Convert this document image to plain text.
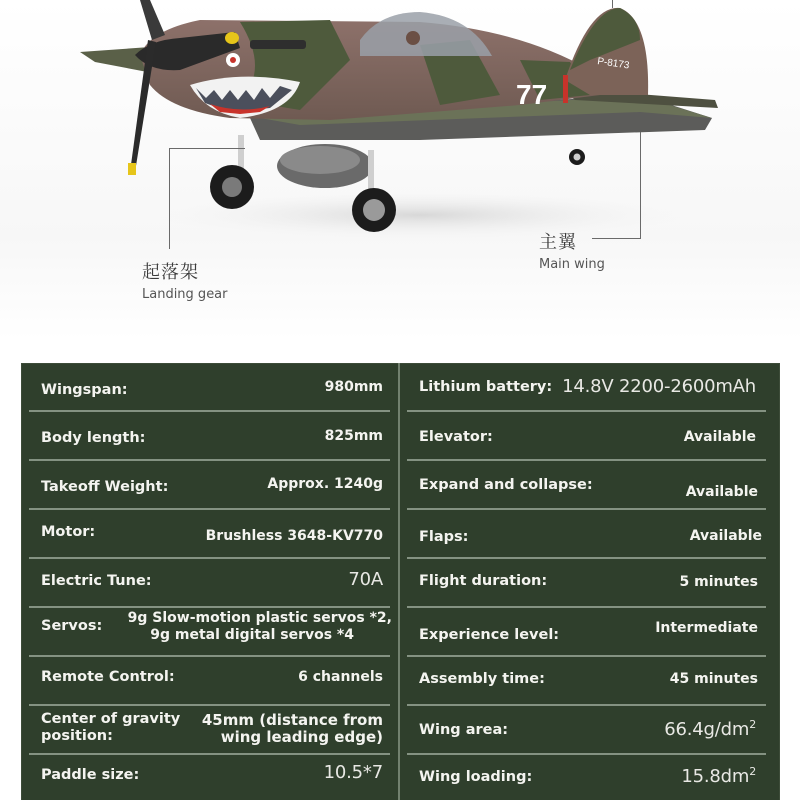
P-8173
77
起落架
Landing gear
主翼
Main wing
Wingspan:	980mm
Body length:	825mm
Takeoff Weight:	Approx. 1240g
Motor:	Brushless 3648-KV770
Electric Tune:	70A
Servos: 9g Slow-motion plastic servos *2,
9g metal digital servos *4
Remote Control:	6 channels
Center of gravity
position:
45mm (distance from
wing leading edge)
Paddle size:	10.5*7
Lithium battery: 14.8V 2200-2600mAh
Elevator:	Available
Expand and collapse:	Available
Flaps:	Available
Flight duration:	5 minutes
Experience level:	Intermediate
Assembly time:	45 minutes
Wing area:	$66.4g/dm^2$
Wing loading:	$15.8dm^2$
